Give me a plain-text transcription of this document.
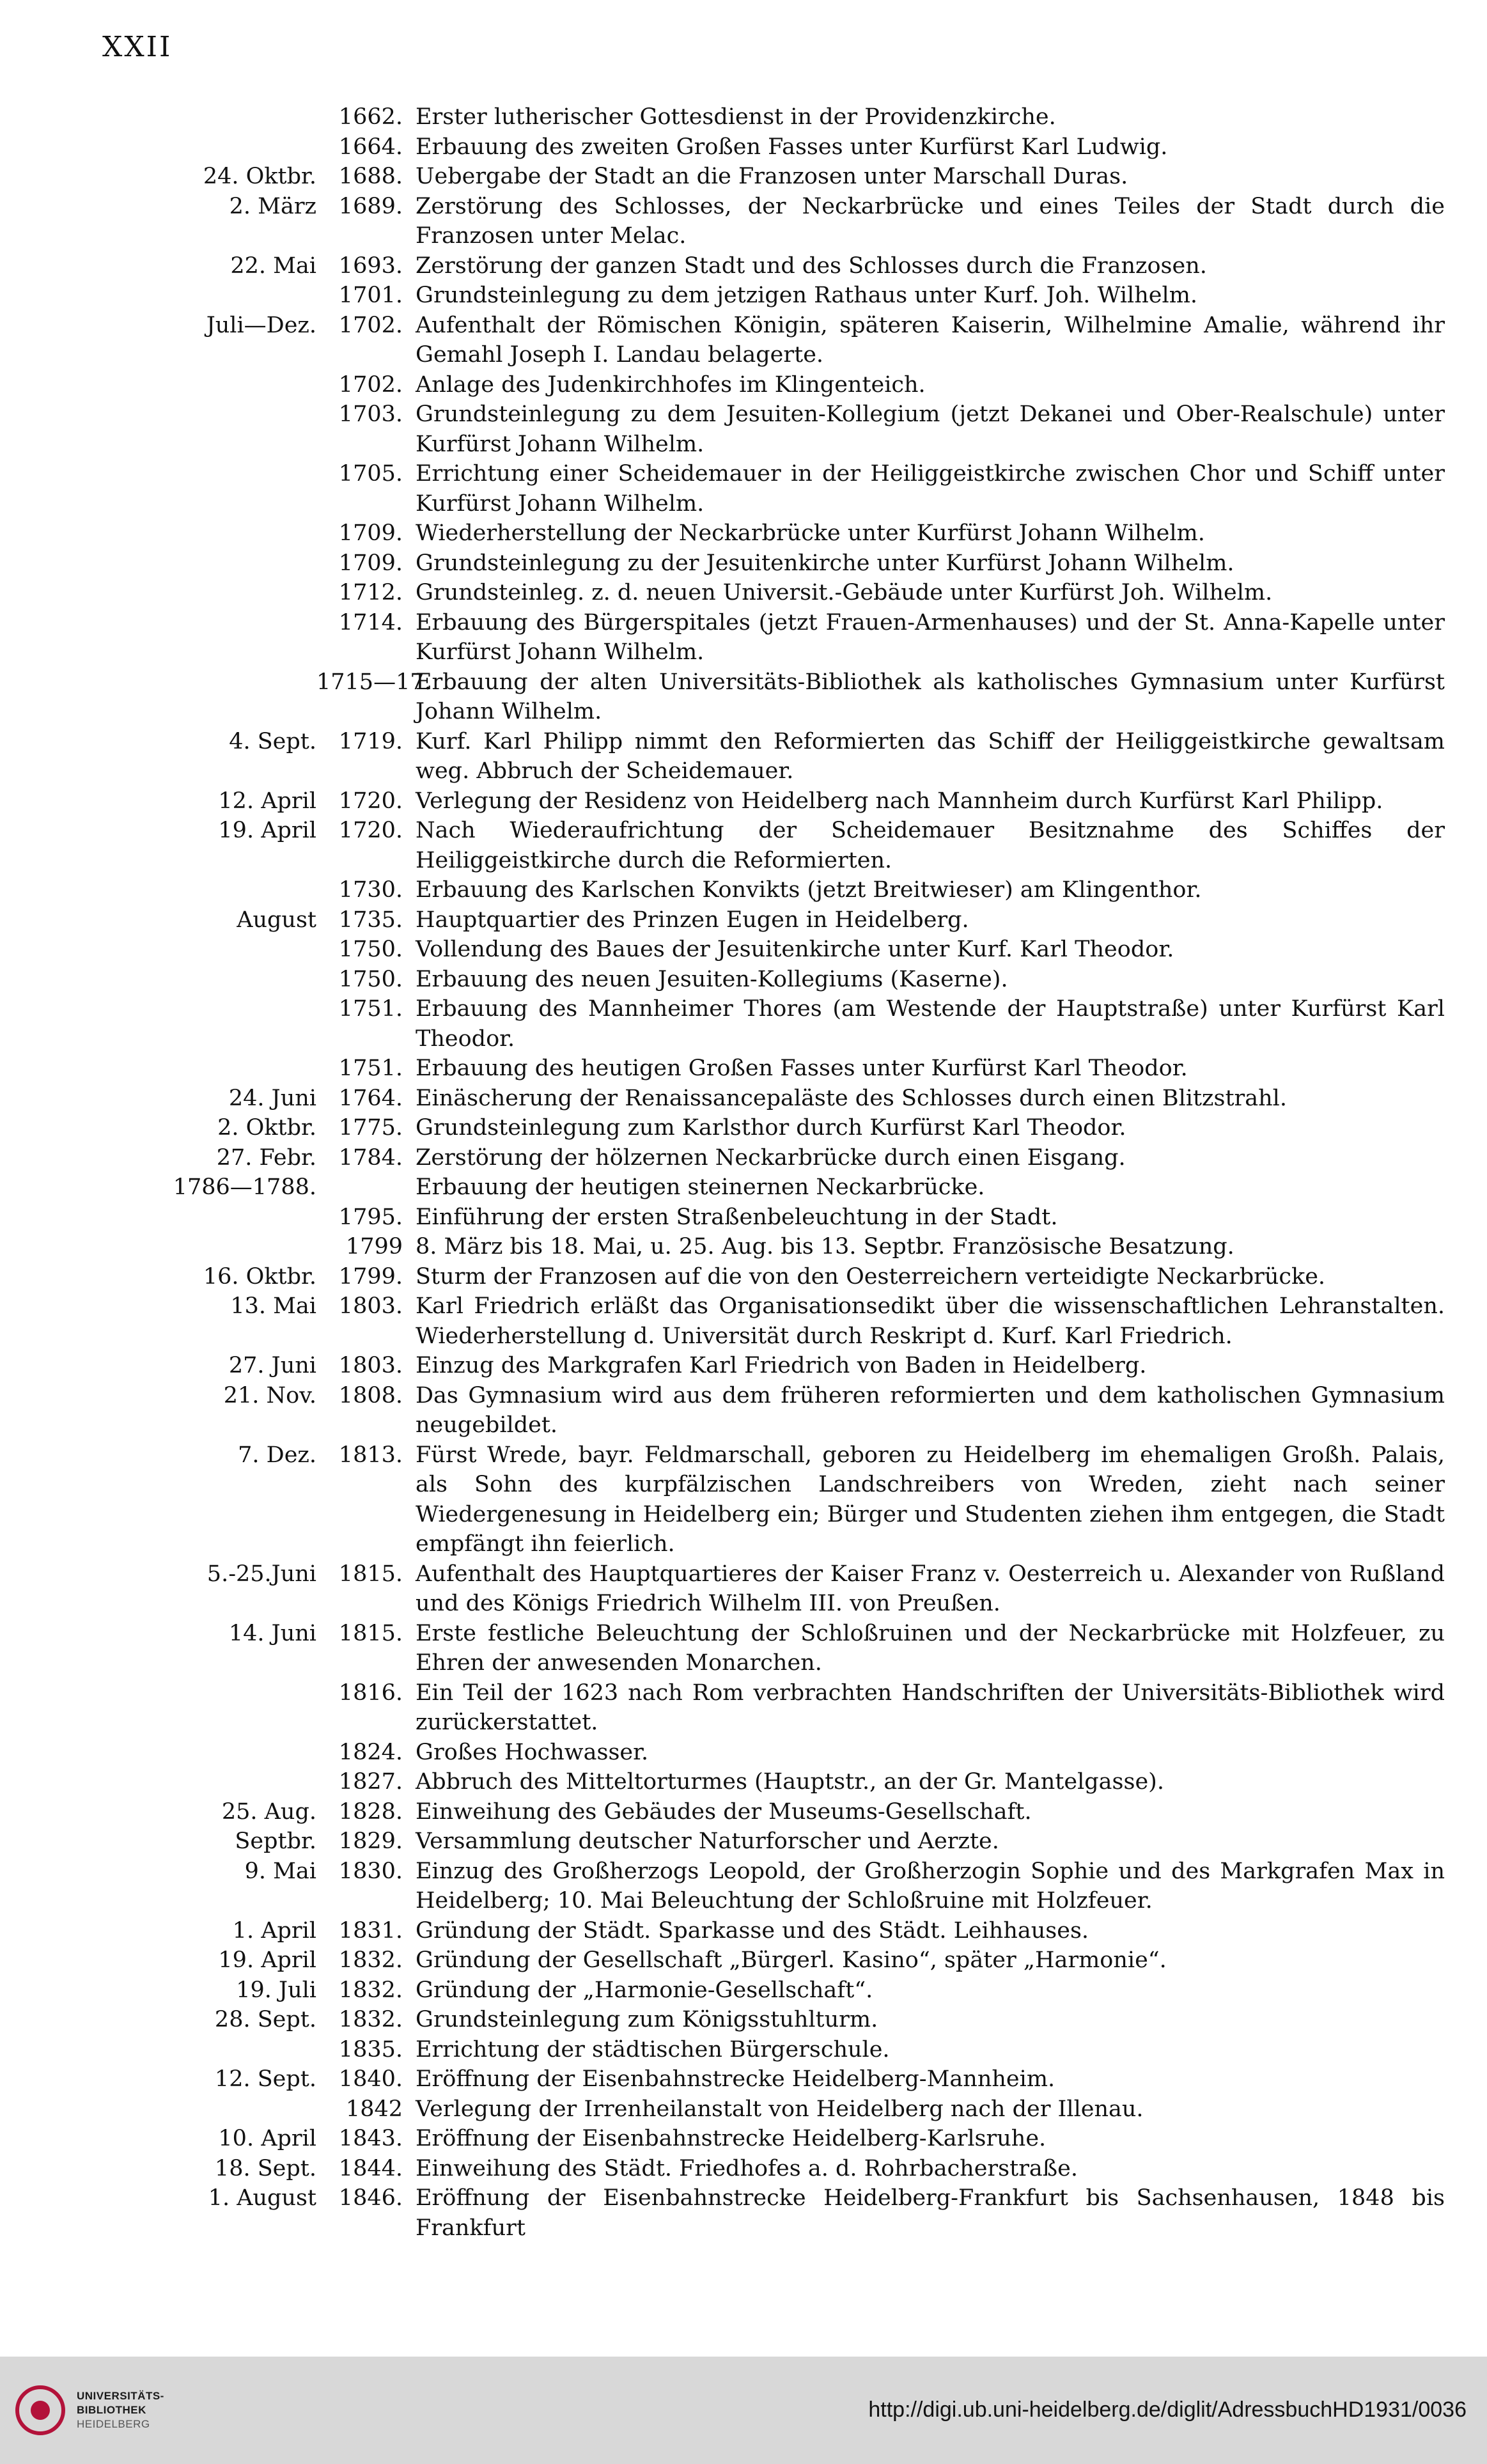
XXII
1662. Erster lutherischer Gottesdienst in der Providenzkirche.
1664. Erbauung des zweiten Großen Fasses unter Kurfürst Karl Ludwig.
24. Oktbr. 1688. Uebergabe der Stadt an die Franzosen unter Marschall Duras.
2. März 1689. Zerstörung des Schlosses, der Neckarbrücke und eines Teiles der Stadt durch die Franzosen unter Melac.
22. Mai 1693. Zerstörung der ganzen Stadt und des Schlosses durch die Franzosen.
1701. Grundsteinlegung zu dem jetzigen Rathaus unter Kurf. Joh. Wilhelm.
Juli—Dez. 1702. Aufenthalt der Römischen Königin, späteren Kaiserin, Wilhelmine Amalie, während ihr Gemahl Joseph I. Landau belagerte.
1702. Anlage des Judenkirchhofes im Klingenteich.
1703. Grundsteinlegung zu dem Jesuiten-Kollegium (jetzt Dekanei und Ober-Realschule) unter Kurfürst Johann Wilhelm.
1705. Errichtung einer Scheidemauer in der Heiliggeistkirche zwischen Chor und Schiff unter Kurfürst Johann Wilhelm.
1709. Wiederherstellung der Neckarbrücke unter Kurfürst Johann Wilhelm.
1709. Grundsteinlegung zu der Jesuitenkirche unter Kurfürst Johann Wilhelm.
1712. Grundsteinleg. z. d. neuen Universit.-Gebäude unter Kurfürst Joh. Wilhelm.
1714. Erbauung des Bürgerspitales (jetzt Frauen-Armenhauses) und der St. Anna-Kapelle unter Kurfürst Johann Wilhelm.
1715—17.
Erbauung der alten Universitäts-Bibliothek als katholisches Gymnasium unter Kurfürst Johann Wilhelm.
4. Sept. 1719. Kurf. Karl Philipp nimmt den Reformierten das Schiff der Heiliggeistkirche gewaltsam weg. Abbruch der Scheidemauer.
12. April 1720. Verlegung der Residenz von Heidelberg nach Mannheim durch Kurfürst Karl Philipp.
19. April 1720. Nach Wiederaufrichtung der Scheidemauer Besitznahme des Schiffes der Heiliggeistkirche durch die Reformierten.
1730. Erbauung des Karlschen Konvikts (jetzt Breitwieser) am Klingenthor.
August 1735. Hauptquartier des Prinzen Eugen in Heidelberg.
1750. Vollendung des Baues der Jesuitenkirche unter Kurf. Karl Theodor.
1750. Erbauung des neuen Jesuiten-Kollegiums (Kaserne).
1751. Erbauung des Mannheimer Thores (am Westende der Hauptstraße) unter Kurfürst Karl Theodor.
1751. Erbauung des heutigen Großen Fasses unter Kurfürst Karl Theodor.
24. Juni 1764. Einäscherung der Renaissancepaläste des Schlosses durch einen Blitzstrahl.
2. Oktbr. 1775. Grundsteinlegung zum Karlsthor durch Kurfürst Karl Theodor.
27. Febr. 1784. Zerstörung der hölzernen Neckarbrücke durch einen Eisgang.
1786—1788.	Erbauung der heutigen steinernen Neckarbrücke.
1795. Einführung der ersten Straßenbeleuchtung in der Stadt.
1799 8. März bis 18. Mai, u. 25. Aug. bis 13. Septbr. Französische Besatzung.
16. Oktbr. 1799. Sturm der Franzosen auf die von den Oesterreichern verteidigte Neckarbrücke.
13. Mai 1803. Karl Friedrich erläßt das Organisationsedikt über die wissenschaftlichen Lehranstalten. Wiederherstellung d. Universität durch Reskript d. Kurf. Karl Friedrich.
27. Juni 1803. Einzug des Markgrafen Karl Friedrich von Baden in Heidelberg.
21. Nov. 1808. Das Gymnasium wird aus dem früheren reformierten und dem katholischen Gymnasium neugebildet.
7. Dez. 1813. Fürst Wrede, bayr. Feldmarschall, geboren zu Heidelberg im ehemaligen Großh. Palais, als Sohn des kurpfälzischen Landschreibers von Wreden, zieht nach seiner Wiedergenesung in Heidelberg ein; Bürger und Studenten ziehen ihm entgegen, die Stadt empfängt ihn feierlich.
5.-25.Juni 1815. Aufenthalt des Hauptquartieres der Kaiser Franz v. Oesterreich u. Alexander von Rußland und des Königs Friedrich Wilhelm III. von Preußen.
14. Juni 1815. Erste festliche Beleuchtung der Schloßruinen und der Neckarbrücke mit Holzfeuer, zu Ehren der anwesenden Monarchen.
1816. Ein Teil der 1623 nach Rom verbrachten Handschriften der Universitäts-Bibliothek wird zurückerstattet.
1824. Großes Hochwasser.
1827. Abbruch des Mitteltorturmes (Hauptstr., an der Gr. Mantelgasse).
25. Aug. 1828. Einweihung des Gebäudes der Museums-Gesellschaft.
Septbr. 1829. Versammlung deutscher Naturforscher und Aerzte.
9. Mai 1830. Einzug des Großherzogs Leopold, der Großherzogin Sophie und des Markgrafen Max in Heidelberg; 10. Mai Beleuchtung der Schloßruine mit Holzfeuer.
1. April 1831. Gründung der Städt. Sparkasse und des Städt. Leihhauses.
19. April 1832. Gründung der Gesellschaft „Bürgerl. Kasino“, später „Harmonie“.
19. Juli 1832. Gründung der „Harmonie-Gesellschaft“.
28. Sept. 1832. Grundsteinlegung zum Königsstuhlturm.
1835. Errichtung der städtischen Bürgerschule.
12. Sept. 1840. Eröffnung der Eisenbahnstrecke Heidelberg-Mannheim.
1842 Verlegung der Irrenheilanstalt von Heidelberg nach der Illenau.
10. April 1843. Eröffnung der Eisenbahnstrecke Heidelberg-Karlsruhe.
18. Sept. 1844. Einweihung des Städt. Friedhofes a. d. Rohrbacherstraße.
1. August 1846. Eröffnung der Eisenbahnstrecke Heidelberg-Frankfurt bis Sachsenhausen, 1848 bis Frankfurt
UNIVERSITÄTS-
BIBLIOTHEK
HEIDELBERG
http://digi.ub.uni-heidelberg.de/diglit/AdressbuchHD1931/0036
